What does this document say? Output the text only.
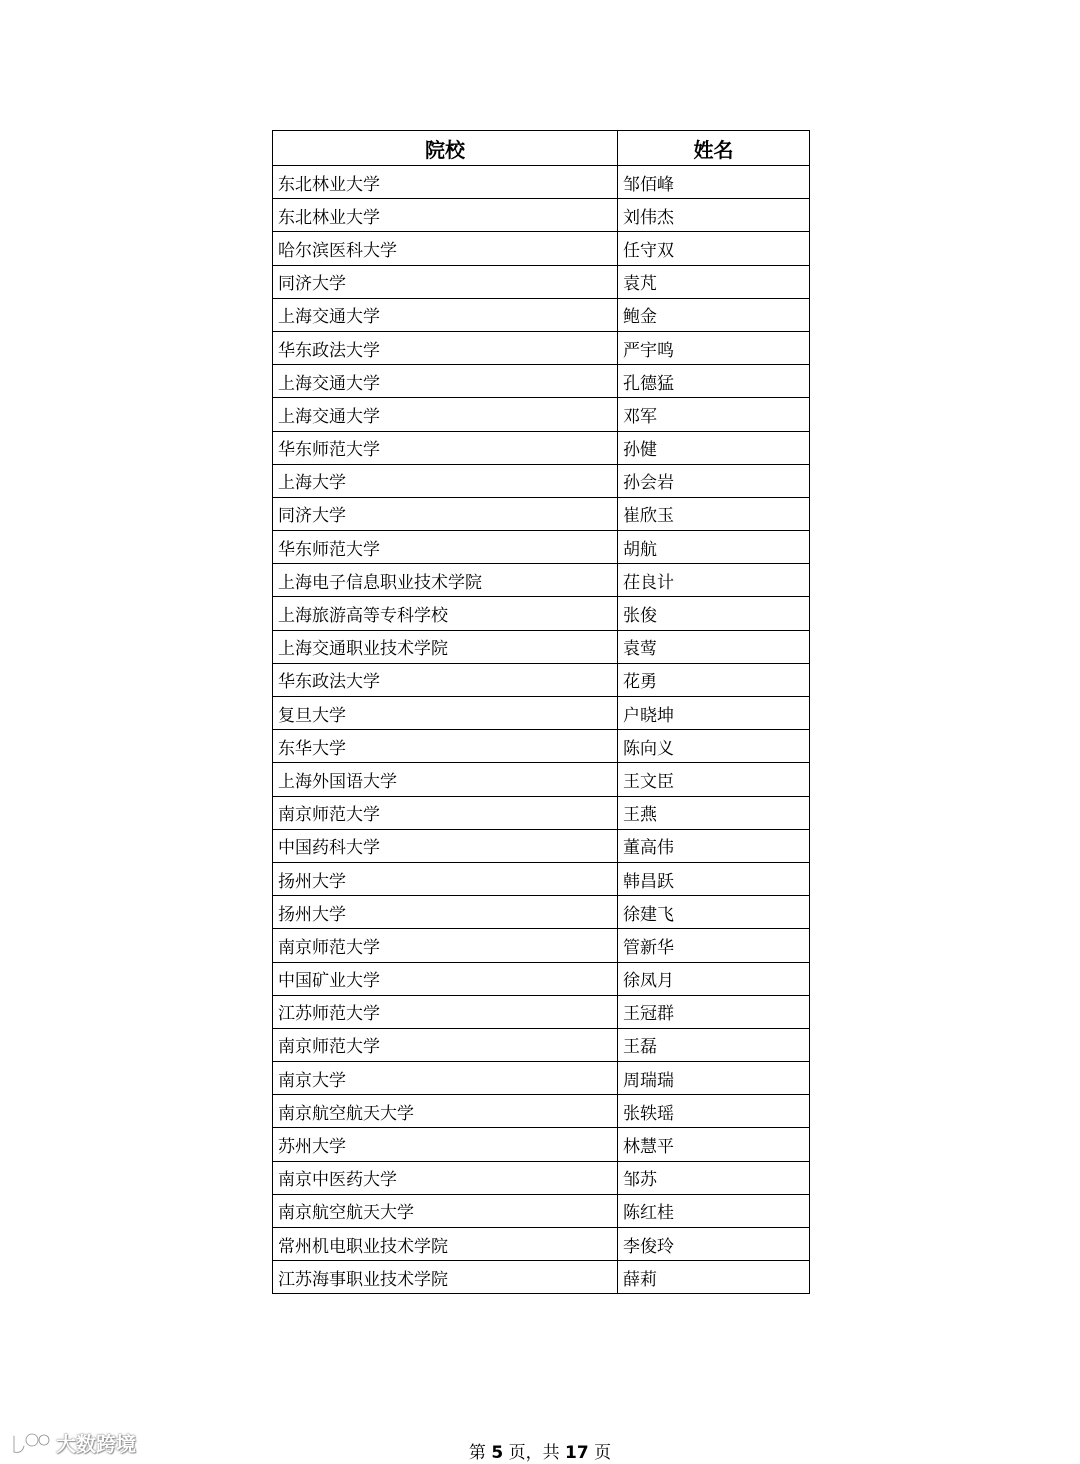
院校	姓名
东北林业大学	邹佰峰
东北林业大学	刘伟杰
哈尔滨医科大学	任守双
同济大学	袁芃
上海交通大学	鲍金
华东政法大学	严宇鸣
上海交通大学	孔德猛
上海交通大学	邓军
华东师范大学	孙健
上海大学	孙会岩
同济大学	崔欣玉
华东师范大学	胡航
上海电子信息职业技术学院	茌良计
上海旅游高等专科学校	张俊
上海交通职业技术学院	袁莺
华东政法大学	花勇
复旦大学	户晓坤
东华大学	陈向义
上海外国语大学	王文臣
南京师范大学	王燕
中国药科大学	董高伟
扬州大学	韩昌跃
扬州大学	徐建飞
南京师范大学	管新华
中国矿业大学	徐凤月
江苏师范大学	王冠群
南京师范大学	王磊
南京大学	周瑞瑞
南京航空航天大学	张轶瑶
苏州大学	林慧平
南京中医药大学	邹苏
南京航空航天大学	陈红桂
常州机电职业技术学院	李俊玲
江苏海事职业技术学院	薛莉
第 5 页，共 17 页
大数跨境
